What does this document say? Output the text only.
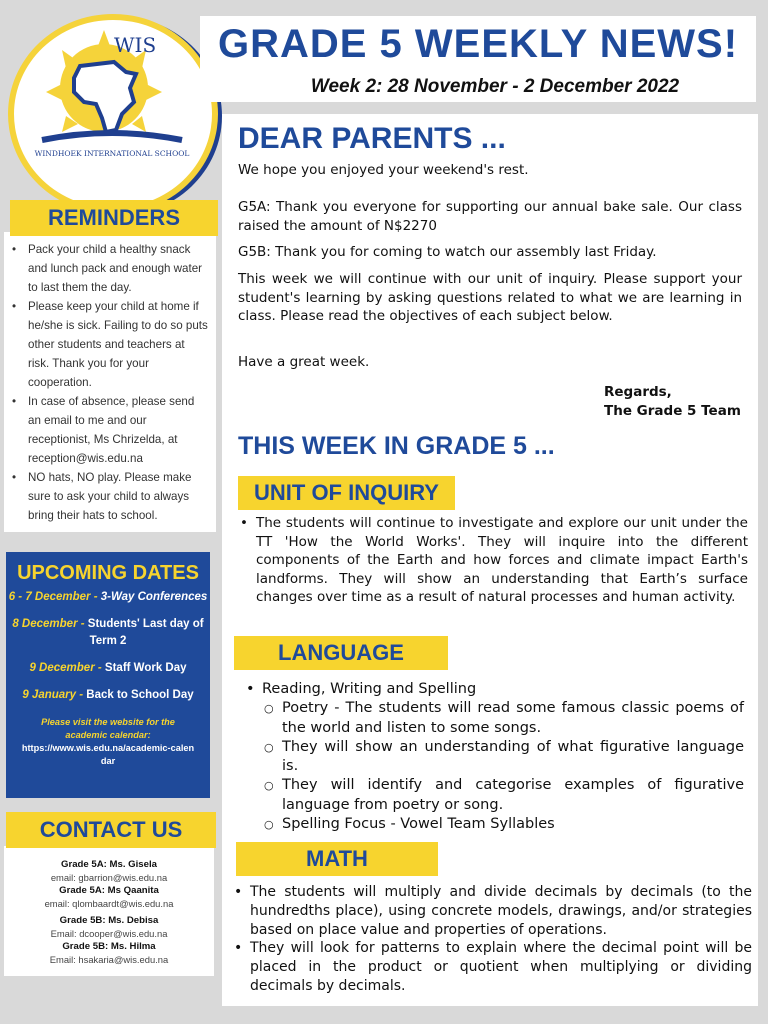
WIS
WINDHOEK INTERNATIONAL SCHOOL
GRADE 5 WEEKLY NEWS!
Week 2: 28 November - 2 December 2022
DEAR PARENTS ...
We hope you enjoyed your weekend's rest.
G5A: Thank you everyone for supporting our annual bake sale. Our class raised the amount of N$2270
G5B: Thank you for coming to watch our assembly last Friday.
This week we will continue with our unit of inquiry. Please support your student's learning by asking questions related to what we are learning in class. Please read the objectives of each subject below.
Have a great week.
Regards,
The Grade 5 Team
THIS WEEK IN GRADE 5 ...
UNIT OF INQUIRY
• The students will continue to investigate and explore our unit under the TT 'How the World Works'. They will inquire into the different components of the Earth and how forces and climate impact Earth's landforms. They will show an understanding that Earth’s surface changes over time as a result of natural processes and human activity.
LANGUAGE
• Reading, Writing and Spelling
○ Poetry - The students will read some famous classic poems of the world and listen to some songs.
○ They will show an understanding of what figurative language is.
○ They will identify and categorise examples of figurative language from poetry or song.
○ Spelling Focus - Vowel Team Syllables
MATH
• The students will multiply and divide decimals by decimals (to the hundredths place), using concrete models, drawings, and/or strategies based on place value and properties of operations.
• They will look for patterns to explain where the decimal point will be placed in the product or quotient when multiplying or dividing decimals by decimals.
REMINDERS
• Pack your child a healthy snack and lunch pack and enough water to last them the day.
• Please keep your child at home if he/she is sick. Failing to do so puts other students and teachers at risk. Thank you for your cooperation.
• In case of absence, please send an email to me and our receptionist, Ms Chrizelda, at reception@wis.edu.na
• NO hats, NO play. Please make sure to ask your child to always bring their hats to school.
UPCOMING DATES
6 - 7 December - 3-Way Conferences
8 December - Students' Last day of Term 2
9 December - Staff Work Day
9 January - Back to School Day
Please visit the website for the academic calendar:
https://www.wis.edu.na/academic-calendar
Grade 5A: Ms. Gisela
email: gbarrion@wis.edu.na
Grade 5A: Ms Qaanita
email: qlombaardt@wis.edu.na
Grade 5B: Ms. Debisa
Email: dcooper@wis.edu.na
Grade 5B: Ms. Hilma
Email: hsakaria@wis.edu.na
CONTACT US
